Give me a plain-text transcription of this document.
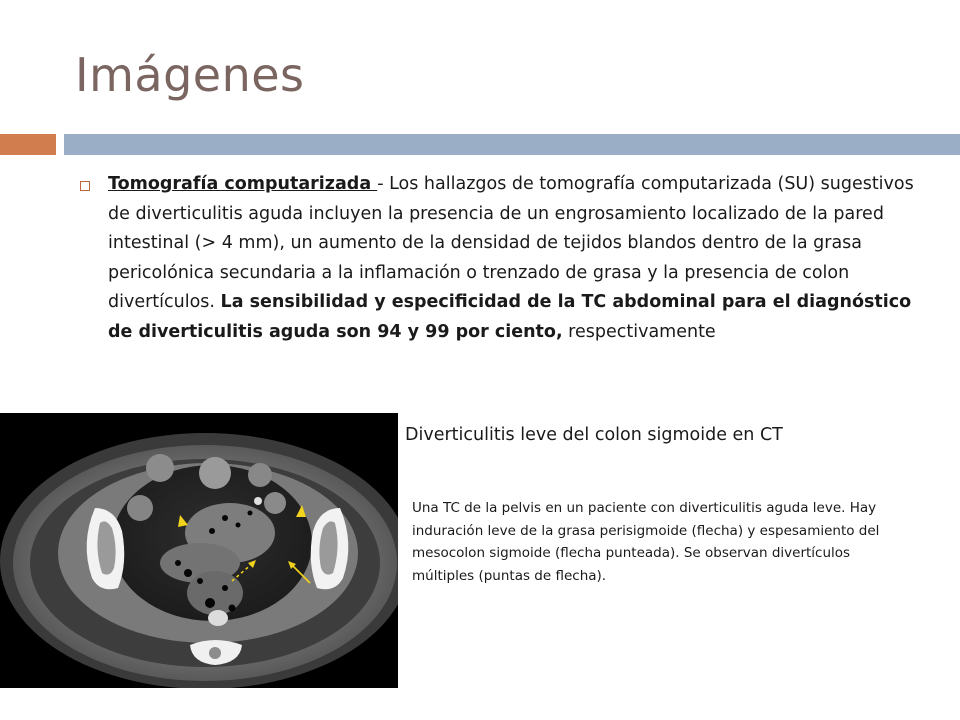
Imágenes
Tomografía computarizada - Los hallazgos de tomografía computarizada (SU) sugestivos de diverticulitis aguda incluyen la presencia de un engrosamiento localizado de la pared intestinal (> 4 mm), un aumento de la densidad de tejidos blandos dentro de la grasa pericolónica secundaria a la inflamación o trenzado de grasa y la presencia de colon divertículos. La sensibilidad y especificidad de la TC abdominal para el diagnóstico de diverticulitis aguda son 94 y 99 por ciento, respectivamente
Diverticulitis leve del colon sigmoide en CT
Una TC de la pelvis en un paciente con diverticulitis aguda leve. Hay induración leve de la grasa perisigmoide (flecha) y espesamiento del mesocolon sigmoide (flecha punteada). Se observan divertículos múltiples (puntas de flecha).
